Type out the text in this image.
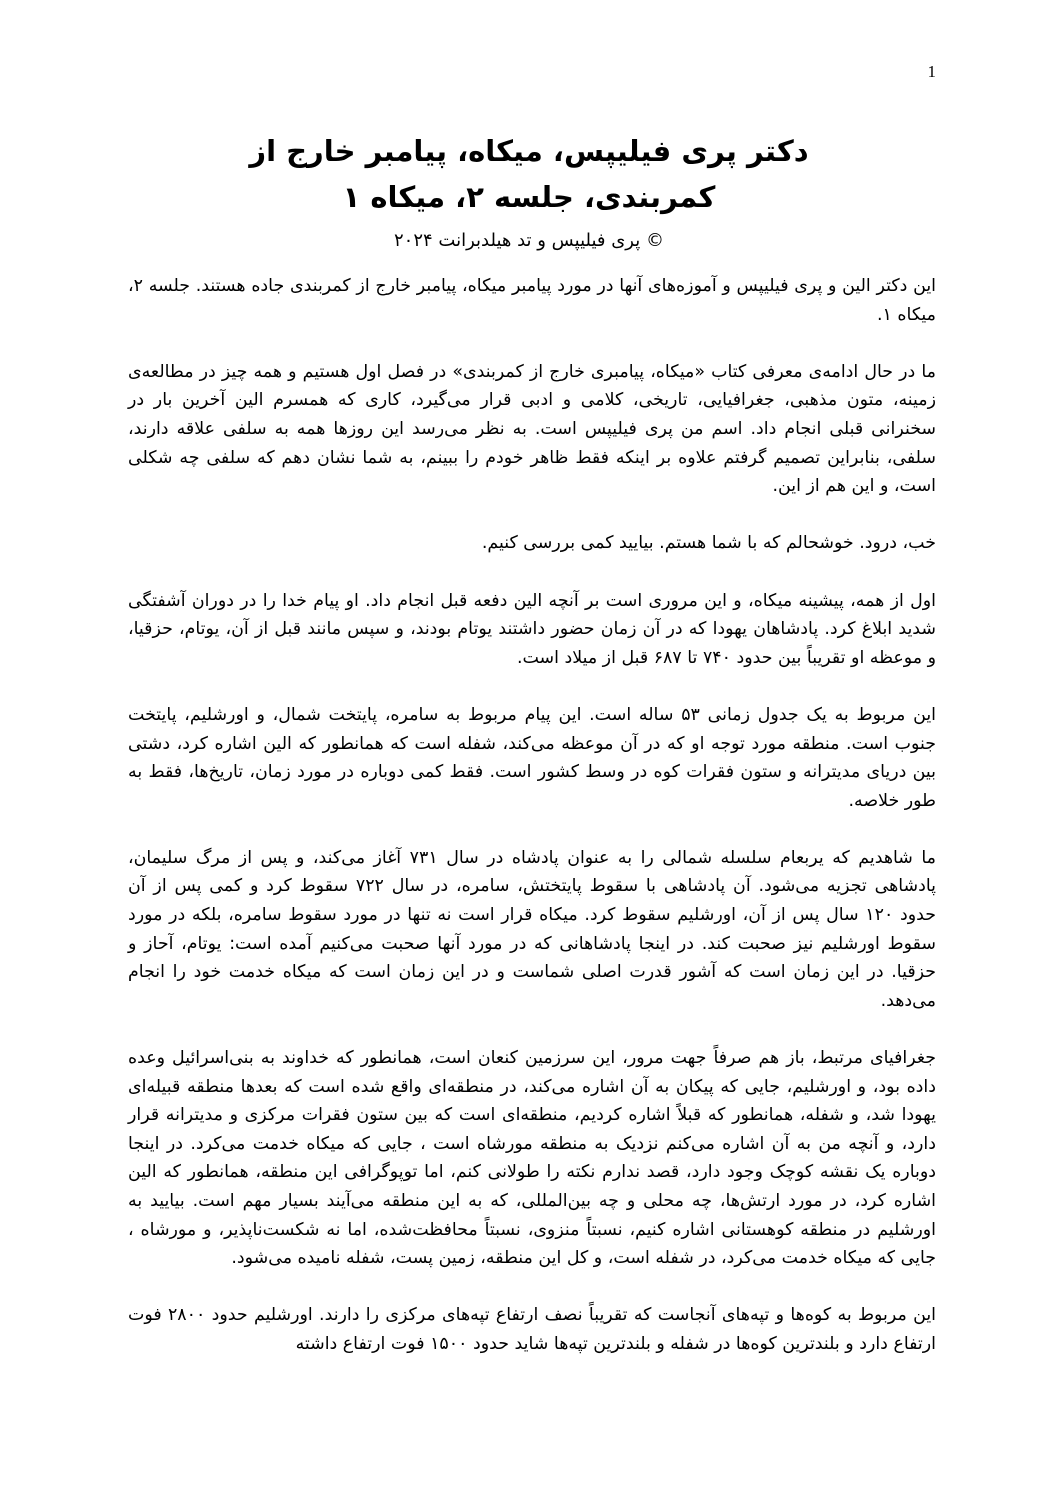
1

دکتر پری فیلیپس، میکاه، پیامبر خارج از

کمربندی، جلسه ۲، میکاه ۱

© پری فیلیپس و تد هیلدبرانت ۲۰۲۴

این دکتر الین و پری فیلیپس و آموزه‌های آنها در مورد پیامبر میکاه، پیامبر خارج از کمربندی جاده هستند. جلسه ۲، میکاه ۱.

ما در حال ادامه‌ی معرفی کتاب «میکاه، پیامبری خارج از کمربندی» در فصل اول هستیم و همه چیز در مطالعه‌ی زمینه، متون مذهبی، جغرافیایی، تاریخی، کلامی و ادبی قرار می‌گیرد، کاری که همسرم الین آخرین بار در سخنرانی قبلی انجام داد. اسم من پری فیلیپس است. به نظر می‌رسد این روزها همه به سلفی علاقه دارند، سلفی، بنابراین تصمیم گرفتم علاوه بر اینکه فقط ظاهر خودم را ببینم، به شما نشان دهم که سلفی چه شکلی است، و این هم از این.

خب، درود. خوشحالم که با شما هستم. بیایید کمی بررسی کنیم.

اول از همه، پیشینه میکاه، و این مروری است بر آنچه الین دفعه قبل انجام داد. او پیام خدا را در دوران آشفتگی شدید ابلاغ کرد. پادشاهان یهودا که در آن زمان حضور داشتند یوتام بودند، و سپس مانند قبل از آن، یوتام، حزقیا، و موعظه او تقریباً بین حدود ۷۴۰ تا ۶۸۷ قبل از میلاد است.

این مربوط به یک جدول زمانی ۵۳ ساله است. این پیام مربوط به سامره، پایتخت شمال، و اورشلیم، پایتخت جنوب است. منطقه مورد توجه او که در آن موعظه می‌کند، شفله است که همانطور که الین اشاره کرد، دشتی بین دریای مدیترانه و ستون فقرات کوه در وسط کشور است. فقط کمی دوباره در مورد زمان، تاریخ‌ها، فقط به طور خلاصه.

ما شاهدیم که یربعام سلسله شمالی را به عنوان پادشاه در سال ۷۳۱ آغاز می‌کند، و پس از مرگ سلیمان، پادشاهی تجزیه می‌شود. آن پادشاهی با سقوط پایتختش، سامره، در سال ۷۲۲ سقوط کرد و کمی پس از آن حدود ۱۲۰ سال پس از آن، اورشلیم سقوط کرد. میکاه قرار است نه تنها در مورد سقوط سامره، بلکه در مورد سقوط اورشلیم نیز صحبت کند. در اینجا پادشاهانی که در مورد آنها صحبت می‌کنیم آمده است: یوتام، آحاز و حزقیا. در این زمان است که آشور قدرت اصلی شماست و در این زمان است که میکاه خدمت خود را انجام می‌دهد.

جغرافیای مرتبط، باز هم صرفاً جهت مرور، این سرزمین کنعان است، همانطور که خداوند به بنی‌اسرائیل وعده داده بود، و اورشلیم، جایی که پیکان به آن اشاره می‌کند، در منطقه‌ای واقع شده است که بعدها منطقه قبیله‌ای یهودا شد، و شفله، همانطور که قبلاً اشاره کردیم، منطقه‌ای است که بین ستون فقرات مرکزی و مدیترانه قرار دارد، و آنچه من به آن اشاره می‌کنم نزدیک به منطقه مورشاه است ، جایی که میکاه خدمت می‌کرد. در اینجا دوباره یک نقشه کوچک وجود دارد، قصد ندارم نکته را طولانی کنم، اما توپوگرافی این منطقه، همانطور که الین اشاره کرد، در مورد ارتش‌ها، چه محلی و چه بین‌المللی، که به این منطقه می‌آیند بسیار مهم است. بیایید به اورشلیم در منطقه کوهستانی اشاره کنیم، نسبتاً منزوی، نسبتاً محافظت‌شده، اما نه شکست‌ناپذیر، و مورشاه ، جایی که میکاه خدمت می‌کرد، در شفله است، و کل این منطقه، زمین پست، شفله نامیده می‌شود.

این مربوط به کوه‌ها و تپه‌های آنجاست که تقریباً نصف ارتفاع تپه‌های مرکزی را دارند. اورشلیم حدود ۲۸۰۰ فوت ارتفاع دارد و بلندترین کوه‌ها در شفله و بلندترین تپه‌ها شاید حدود ۱۵۰۰ فوت ارتفاع داشته
